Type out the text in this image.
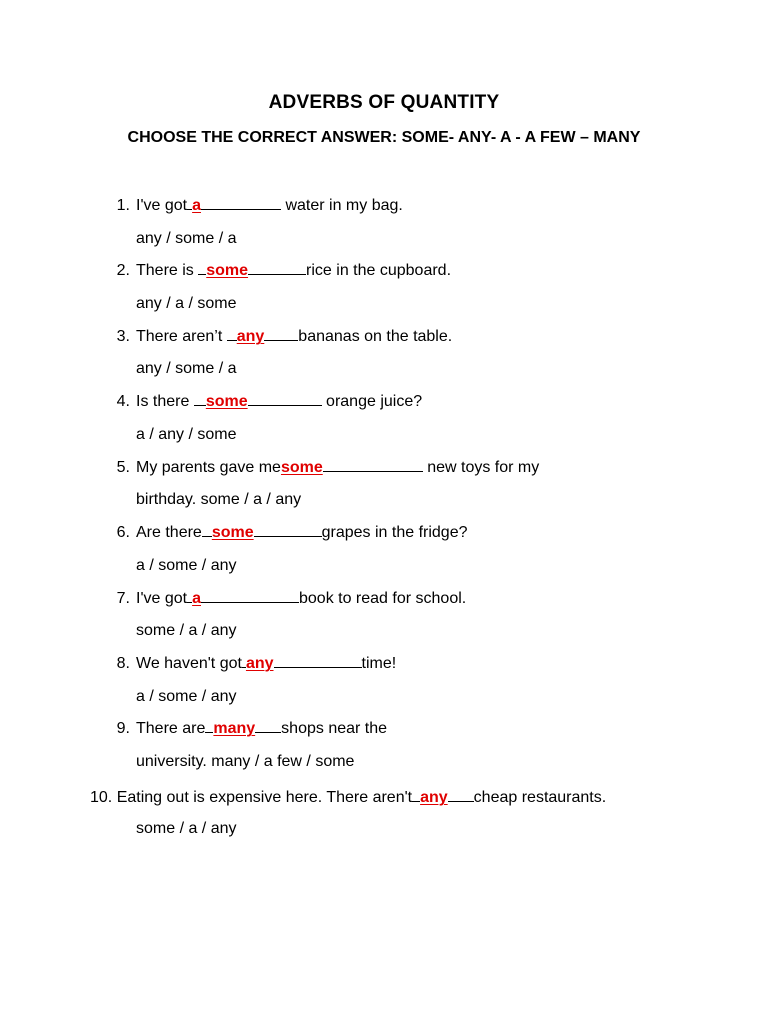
ADVERBS OF QUANTITY
CHOOSE THE CORRECT ANSWER: SOME- ANY- A - A FEW – MANY
1. I've got a	water in my bag.
any / some / a
2. There is some	rice in the cupboard.
any / a / some
3. There aren’t any bananas on the table.
any / some / a
4. Is there some	orange juice?
a / any / some
5. My parents gave mesome	new toys for my
birthday. some / a / any
6. Are there some	grapes in the fridge?
a / some / any
7. I've got a	book to read for school.
some / a / any
8. We haven't got any	time!
a / some / any
9. There are many shops near the
university. many / a few / some
10. Eating out is expensive here. There aren't any cheap restaurants.
some / a / any
